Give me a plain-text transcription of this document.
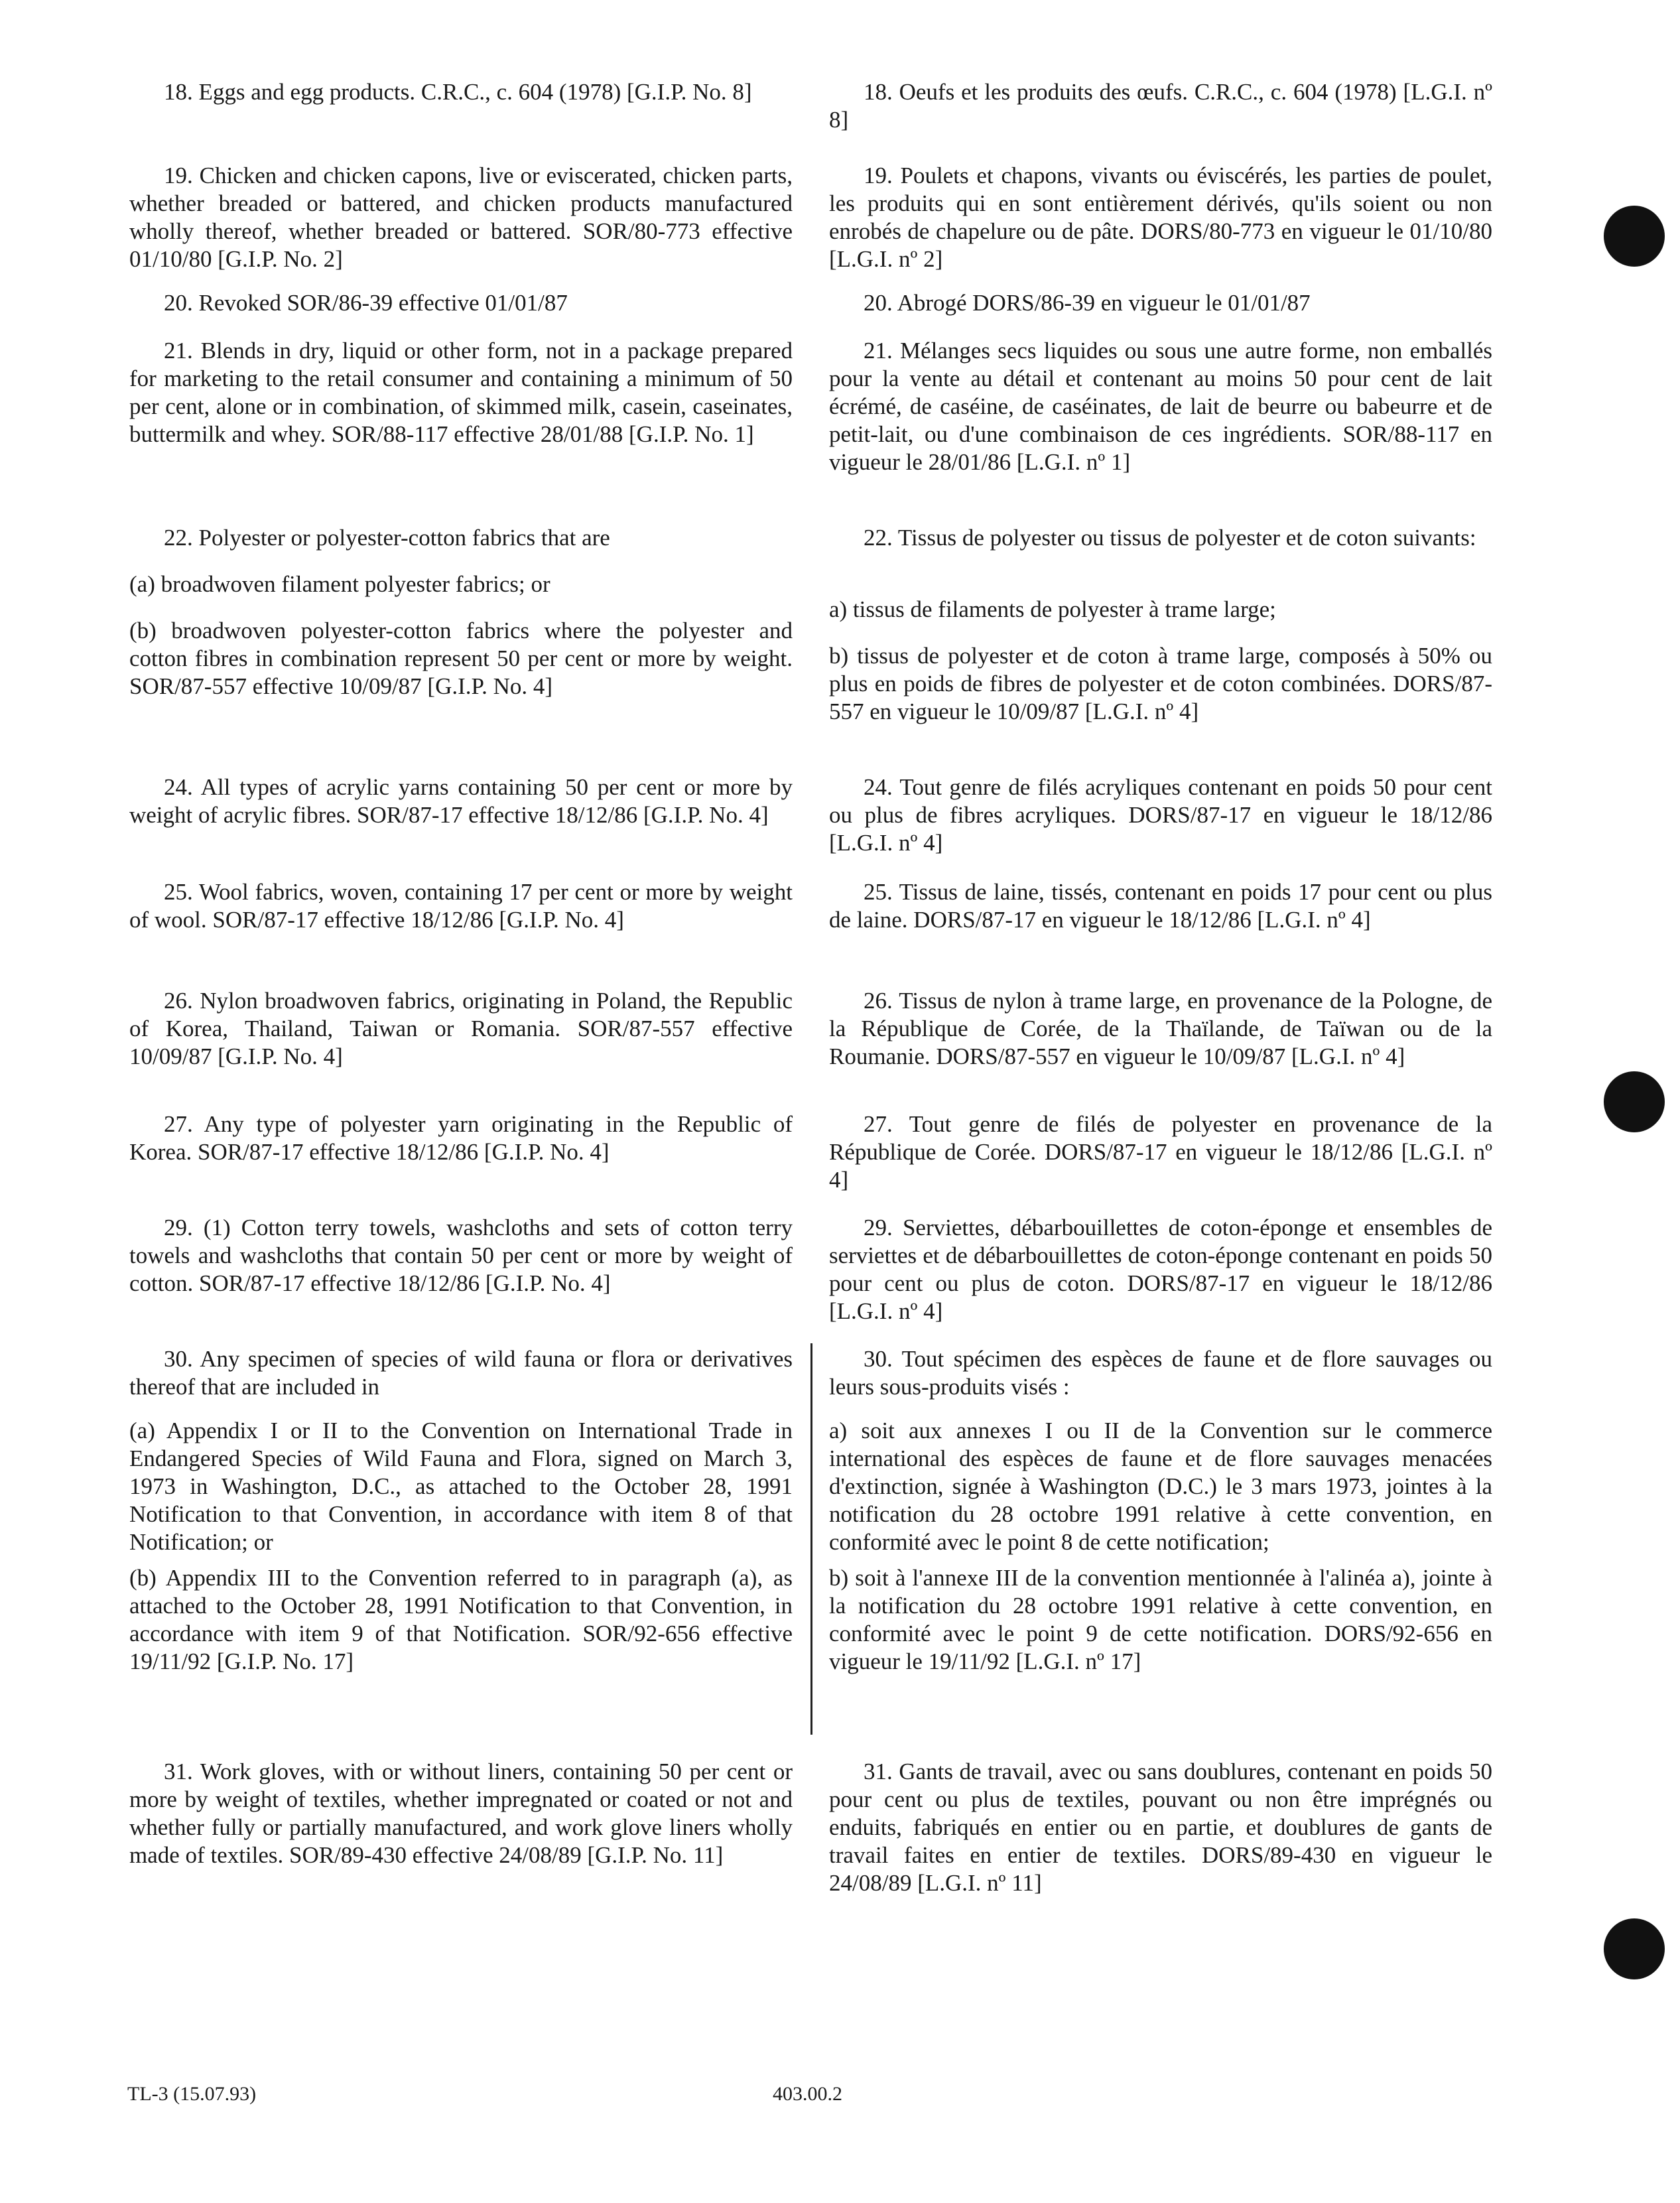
18. Eggs and egg products. C.R.C., c. 604 (1978) [G.I.P. No. 8]

19. Chicken and chicken capons, live or eviscerated, chicken parts, whether breaded or battered, and chicken products manufactured wholly thereof, whether breaded or battered. SOR/80-773 effective 01/10/80 [G.I.P. No. 2]

20. Revoked SOR/86-39 effective 01/01/87

21. Blends in dry, liquid or other form, not in a package prepared for marketing to the retail consumer and containing a minimum of 50 per cent, alone or in combination, of skimmed milk, casein, caseinates, buttermilk and whey. SOR/88-117 effective 28/01/88 [G.I.P. No. 1]

22. Polyester or polyester-cotton fabrics that are

(a) broadwoven filament polyester fabrics; or

(b) broadwoven polyester-cotton fabrics where the polyester and cotton fibres in combination represent 50 per cent or more by weight. SOR/87-557 effective 10/09/87 [G.I.P. No. 4]

24. All types of acrylic yarns containing 50 per cent or more by weight of acrylic fibres. SOR/87-17 effective 18/12/86 [G.I.P. No. 4]

25. Wool fabrics, woven, containing 17 per cent or more by weight of wool. SOR/87-17 effective 18/12/86 [G.I.P. No. 4]

26. Nylon broadwoven fabrics, originating in Poland, the Republic of Korea, Thailand, Taiwan or Romania. SOR/87-557 effective 10/09/87 [G.I.P. No. 4]

27. Any type of polyester yarn originating in the Republic of Korea. SOR/87-17 effective 18/12/86 [G.I.P. No. 4]

29. (1) Cotton terry towels, washcloths and sets of cotton terry towels and washcloths that contain 50 per cent or more by weight of cotton. SOR/87-17 effective 18/12/86 [G.I.P. No. 4]

30. Any specimen of species of wild fauna or flora or derivatives thereof that are included in

(a) Appendix I or II to the Convention on International Trade in Endangered Species of Wild Fauna and Flora, signed on March 3, 1973 in Washington, D.C., as attached to the October 28, 1991 Notification to that Convention, in accordance with item 8 of that Notification; or

(b) Appendix III to the Convention referred to in paragraph (a), as attached to the October 28, 1991 Notification to that Convention, in accordance with item 9 of that Notification. SOR/92-656 effective 19/11/92 [G.I.P. No. 17]

31. Work gloves, with or without liners, containing 50 per cent or more by weight of textiles, whether impregnated or coated or not and whether fully or partially manufactured, and work glove liners wholly made of textiles. SOR/89-430 effective 24/08/89 [G.I.P. No. 11]

18. Oeufs et les produits des œufs. C.R.C., c. 604 (1978) [L.G.I. nº 8]

19. Poulets et chapons, vivants ou éviscérés, les parties de poulet, les produits qui en sont entièrement dérivés, qu'ils soient ou non enrobés de chapelure ou de pâte. DORS/80-773 en vigueur le 01/10/80 [L.G.I. nº 2]

20. Abrogé DORS/86-39 en vigueur le 01/01/87

21. Mélanges secs liquides ou sous une autre forme, non emballés pour la vente au détail et contenant au moins 50 pour cent de lait écrémé, de caséine, de caséinates, de lait de beurre ou babeurre et de petit-lait, ou d'une combinaison de ces ingrédients. SOR/88-117 en vigueur le 28/01/86 [L.G.I. nº 1]

22. Tissus de polyester ou tissus de polyester et de coton suivants:

a) tissus de filaments de polyester à trame large;

b) tissus de polyester et de coton à trame large, composés à 50% ou plus en poids de fibres de polyester et de coton combinées. DORS/87-557 en vigueur le 10/09/87 [L.G.I. nº 4]

24. Tout genre de filés acryliques contenant en poids 50 pour cent ou plus de fibres acryliques. DORS/87-17 en vigueur le 18/12/86 [L.G.I. nº 4]

25. Tissus de laine, tissés, contenant en poids 17 pour cent ou plus de laine. DORS/87-17 en vigueur le 18/12/86 [L.G.I. nº 4]

26. Tissus de nylon à trame large, en provenance de la Pologne, de la République de Corée, de la Thaïlande, de Taïwan ou de la Roumanie. DORS/87-557 en vigueur le 10/09/87 [L.G.I. nº 4]

27. Tout genre de filés de polyester en provenance de la République de Corée. DORS/87-17 en vigueur le 18/12/86 [L.G.I. nº 4]

29. Serviettes, débarbouillettes de coton-éponge et ensembles de serviettes et de débarbouillettes de coton-éponge contenant en poids 50 pour cent ou plus de coton. DORS/87-17 en vigueur le 18/12/86 [L.G.I. nº 4]

30. Tout spécimen des espèces de faune et de flore sauvages ou leurs sous-produits visés :

a) soit aux annexes I ou II de la Convention sur le commerce international des espèces de faune et de flore sauvages menacées d'extinction, signée à Washington (D.C.) le 3 mars 1973, jointes à la notification du 28 octobre 1991 relative à cette convention, en conformité avec le point 8 de cette notification;

b) soit à l'annexe III de la convention mentionnée à l'alinéa a), jointe à la notification du 28 octobre 1991 relative à cette convention, en conformité avec le point 9 de cette notification. DORS/92-656 en vigueur le 19/11/92 [L.G.I. nº 17]

31. Gants de travail, avec ou sans doublures, contenant en poids 50 pour cent ou plus de textiles, pouvant ou non être imprégnés ou enduits, fabriqués en entier ou en partie, et doublures de gants de travail faites en entier de textiles. DORS/89-430 en vigueur le 24/08/89 [L.G.I. nº 11]

TL-3 (15.07.93)	403.00.2
